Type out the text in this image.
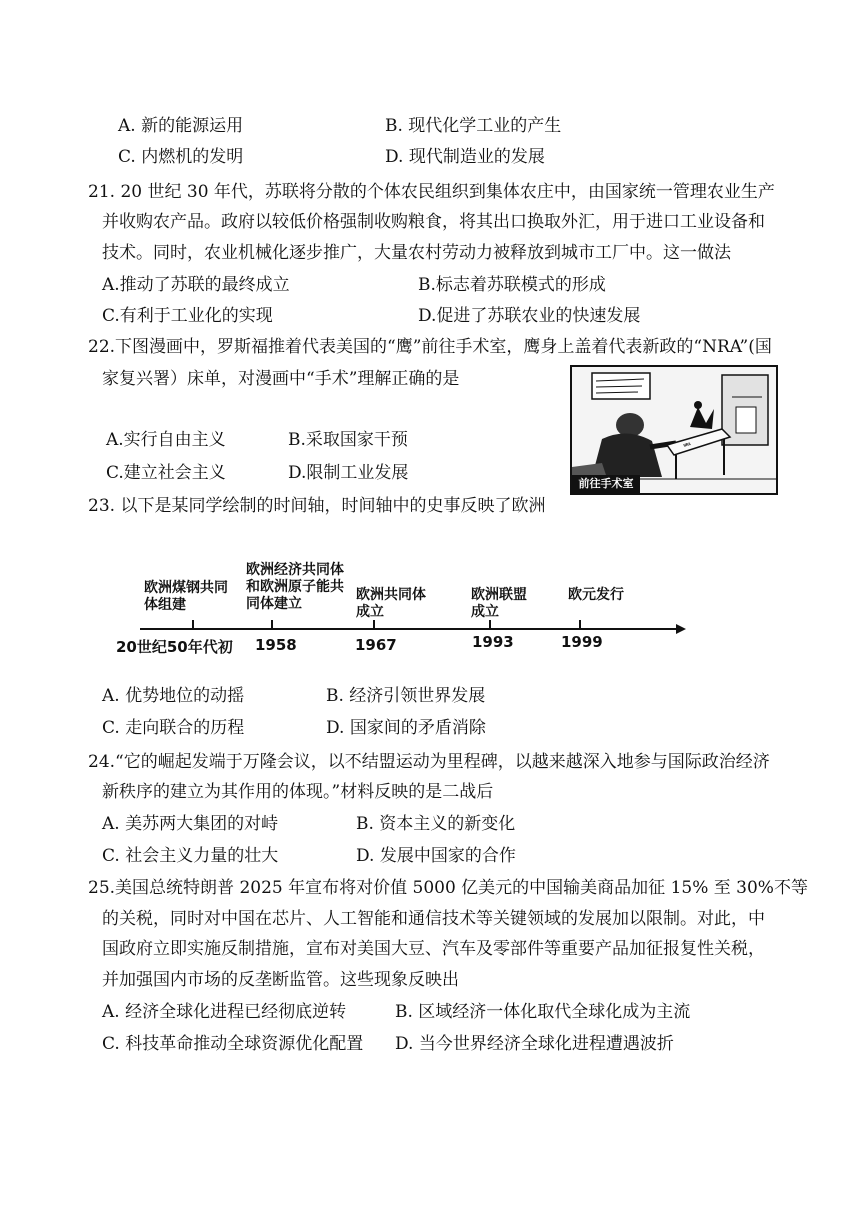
A. 新的能源运用	B. 现代化学工业的产生
C. 内燃机的发明	D. 现代制造业的发展
21. 20 世纪 30 年代，苏联将分散的个体农民组织到集体农庄中，由国家统一管理农业生产
并收购农产品。政府以较低价格强制收购粮食，将其出口换取外汇，用于进口工业设备和
技术。同时，农业机械化逐步推广，大量农村劳动力被释放到城市工厂中。这一做法
A.推动了苏联的最终成立	B.标志着苏联模式的形成
C.有利于工业化的实现	D.促进了苏联农业的快速发展
22.下图漫画中，罗斯福推着代表美国的“鹰”前往手术室，鹰身上盖着代表新政的“NRA”(国
家复兴署）床单，对漫画中“手术”理解正确的是
A.实行自由主义	B.采取国家干预
C.建立社会主义	D.限制工业发展
NRA
前往手术室
23. 以下是某同学绘制的时间轴，时间轴中的史事反映了欧洲
欧洲煤钢共同体组建
欧洲经济共同体和欧洲原子能共同体建立
欧洲共同体成立
欧洲联盟成立
欧元发行
20世纪50年代初 1958	1967	1993	1999
A. 优势地位的动摇	B. 经济引领世界发展
C. 走向联合的历程	D. 国家间的矛盾消除
24.“它的崛起发端于万隆会议，以不结盟运动为里程碑，以越来越深入地参与国际政治经济
新秩序的建立为其作用的体现。”材料反映的是二战后
A. 美苏两大集团的对峙	B. 资本主义的新变化
C. 社会主义力量的壮大	D. 发展中国家的合作
25.美国总统特朗普 2025 年宣布将对价值 5000 亿美元的中国输美商品加征 15% 至 30%不等
的关税，同时对中国在芯片、人工智能和通信技术等关键领域的发展加以限制。对此，中
国政府立即实施反制措施，宣布对美国大豆、汽车及零部件等重要产品加征报复性关税，
并加强国内市场的反垄断监管。这些现象反映出
A. 经济全球化进程已经彻底逆转	B. 区域经济一体化取代全球化成为主流
C. 科技革命推动全球资源优化配置 D. 当今世界经济全球化进程遭遇波折
